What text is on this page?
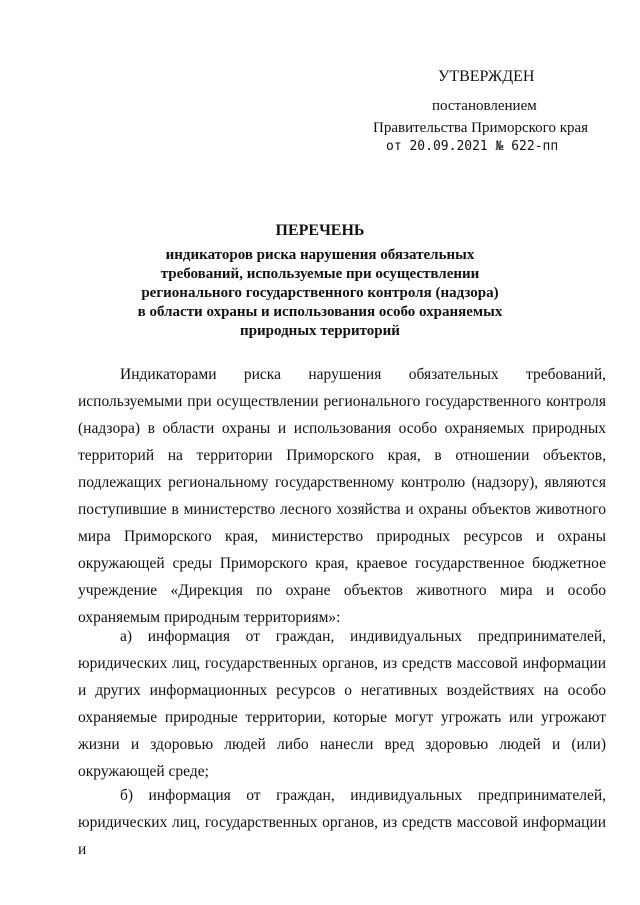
УТВЕРЖДЕН
постановлением
Правительства Приморского края
от 20.09.2021 № 622-пп
ПЕРЕЧЕНЬ
индикаторов риска нарушения обязательных
требований, используемые при осуществлении
регионального государственного контроля (надзора)
в области охраны и использования особо охраняемых
природных территорий
Индикаторами риска нарушения обязательных требований, используемыми при осуществлении регионального государственного контроля (надзора) в области охраны и использования особо охраняемых природных территорий на территории Приморского края, в отношении объектов, подлежащих региональному государственному контролю (надзору), являются поступившие в министерство лесного хозяйства и охраны объектов животного мира Приморского края, министерство природных ресурсов и охраны окружающей среды Приморского края, краевое государственное бюджетное учреждение «Дирекция по охране объектов животного мира и особо охраняемым природным территориям»:
а) информация от граждан, индивидуальных предпринимателей, юридических лиц, государственных органов, из средств массовой информации и других информационных ресурсов о негативных воздействиях на особо охраняемые природные территории, которые могут угрожать или угрожают жизни и здоровью людей либо нанесли вред здоровью людей и (или) окружающей среде;
б) информация от граждан, индивидуальных предпринимателей, юридических лиц, государственных органов, из средств массовой информации и
